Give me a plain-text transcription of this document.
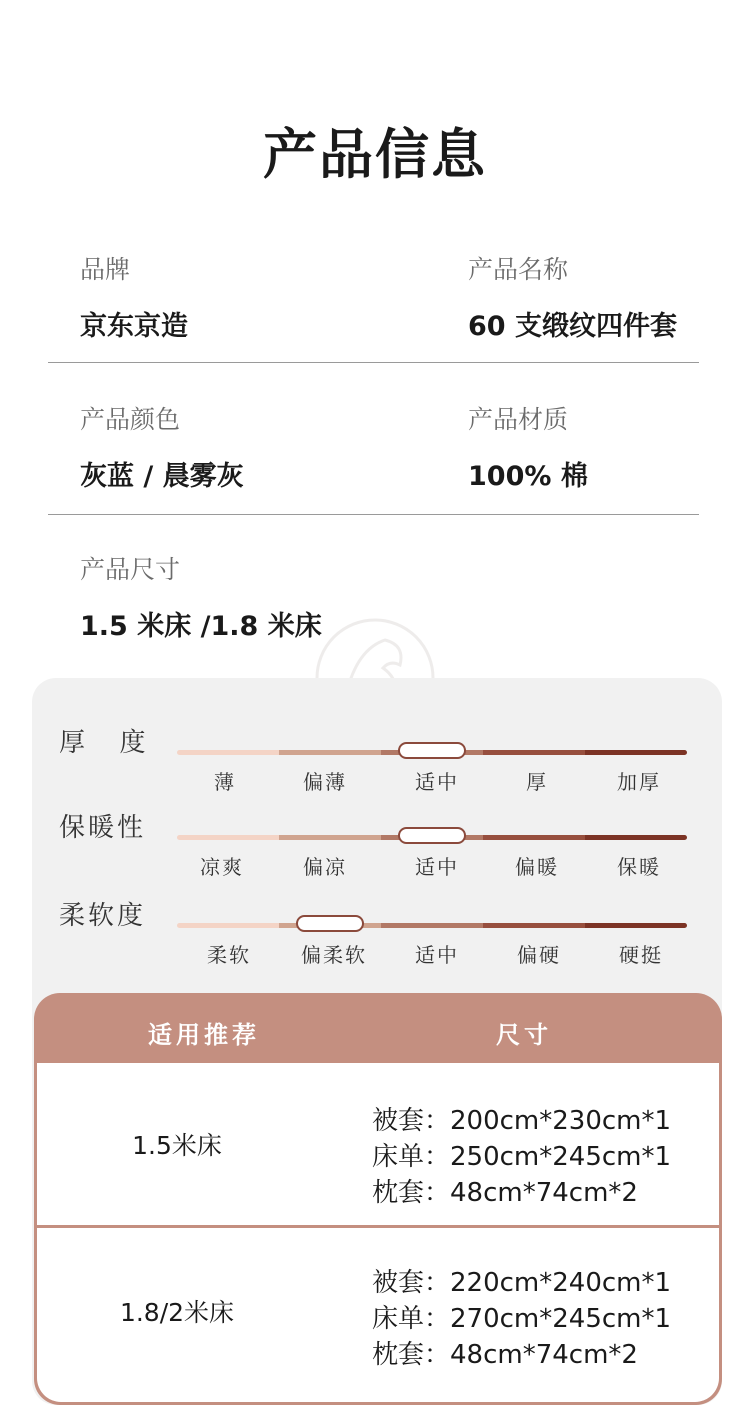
产品信息
品牌
京东京造
产品名称
60 支缎纹四件套
产品颜色
灰蓝 / 晨雾灰
产品材质
100% 棉
产品尺寸
1.5 米床 /1.8 米床
厚  度
薄	偏薄	适中	厚	加厚
保暖性
凉爽	偏凉	适中	偏暖	保暖
柔软度
柔软	偏柔软	适中	偏硬	硬挺
适用推荐	尺寸
1.5米床
被套：200cm*230cm*1
床单：250cm*245cm*1
枕套：48cm*74cm*2
1.8/2米床
被套：220cm*240cm*1
床单：270cm*245cm*1
枕套：48cm*74cm*2
